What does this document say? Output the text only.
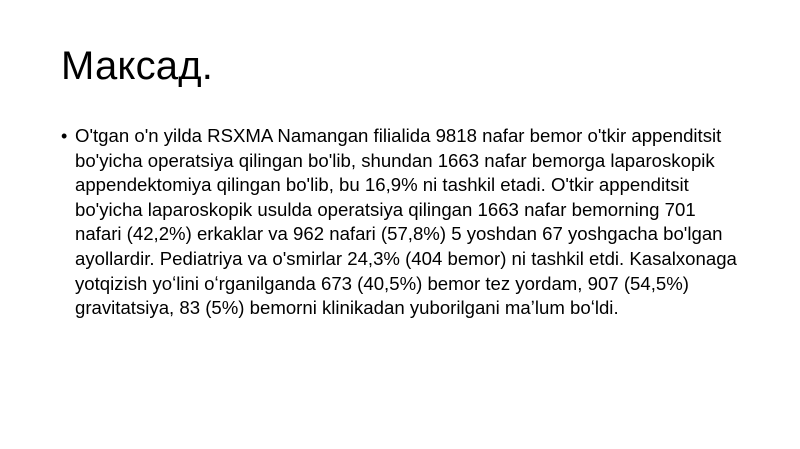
Максад.
• O'tgan o'n yilda RSXMA Namangan filialida 9818 nafar bemor o'tkir appenditsit bo'yicha operatsiya qilingan bo'lib, shundan 1663 nafar bemorga laparoskopik appendektomiya qilingan bo'lib, bu 16,9% ni tashkil etadi. O'tkir appenditsit bo'yicha laparoskopik usulda operatsiya qilingan 1663 nafar bemorning 701 nafari (42,2%) erkaklar va 962 nafari (57,8%) 5 yoshdan 67 yoshgacha bo'lgan ayollardir. Pediatriya va o'smirlar 24,3% (404 bemor) ni tashkil etdi. Kasalxonaga yotqizish yoʻlini oʻrganilganda 673 (40,5%) bemor tez yordam, 907 (54,5%) gravitatsiya, 83 (5%) bemorni klinikadan yuborilgani maʼlum boʻldi.
